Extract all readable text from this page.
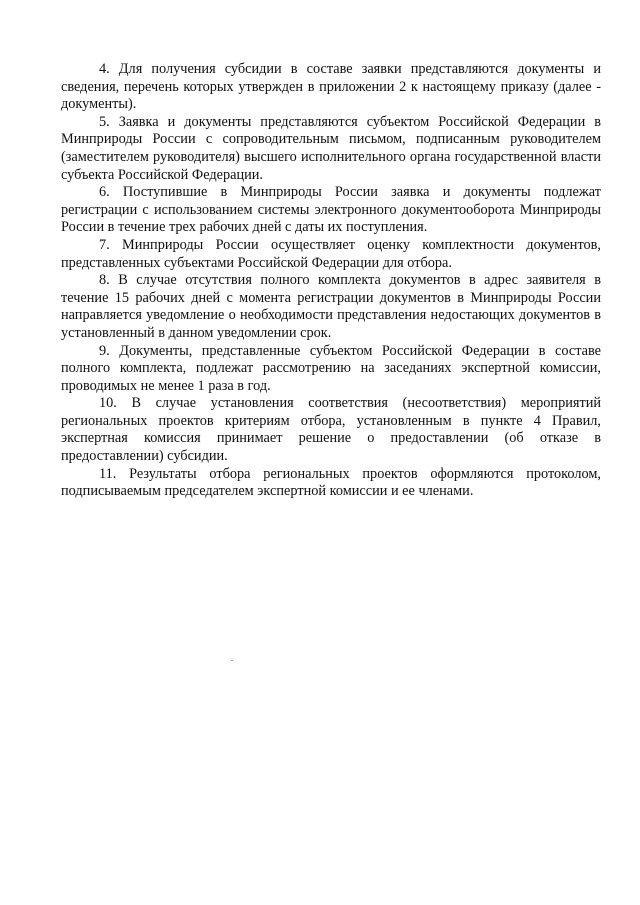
4. Для получения субсидии в составе заявки представляются документы и сведения, перечень которых утвержден в приложении 2 к настоящему приказу (далее - документы).

5. Заявка и документы представляются субъектом Российской Федерации в Минприроды России с сопроводительным письмом, подписанным руководителем (заместителем руководителя) высшего исполнительного органа государственной власти субъекта Российской Федерации.

6. Поступившие в Минприроды России заявка и документы подлежат регистрации с использованием системы электронного документооборота Минприроды России в течение трех рабочих дней с даты их поступления.

7. Минприроды России осуществляет оценку комплектности документов, представленных субъектами Российской Федерации для отбора.

8. В случае отсутствия полного комплекта документов в адрес заявителя в течение 15 рабочих дней с момента регистрации документов в Минприроды России направляется уведомление о необходимости представления недостающих документов в установленный в данном уведомлении срок.

9. Документы, представленные субъектом Российской Федерации в составе полного комплекта, подлежат рассмотрению на заседаниях экспертной комиссии, проводимых не менее 1 раза в год.

10. В случае установления соответствия (несоответствия) мероприятий региональных проектов критериям отбора, установленным в пункте 4 Правил, экспертная комиссия принимает решение о предоставлении (об отказе в предоставлении) субсидии.

11. Результаты отбора региональных проектов оформляются протоколом, подписываемым председателем экспертной комиссии и ее членами.
